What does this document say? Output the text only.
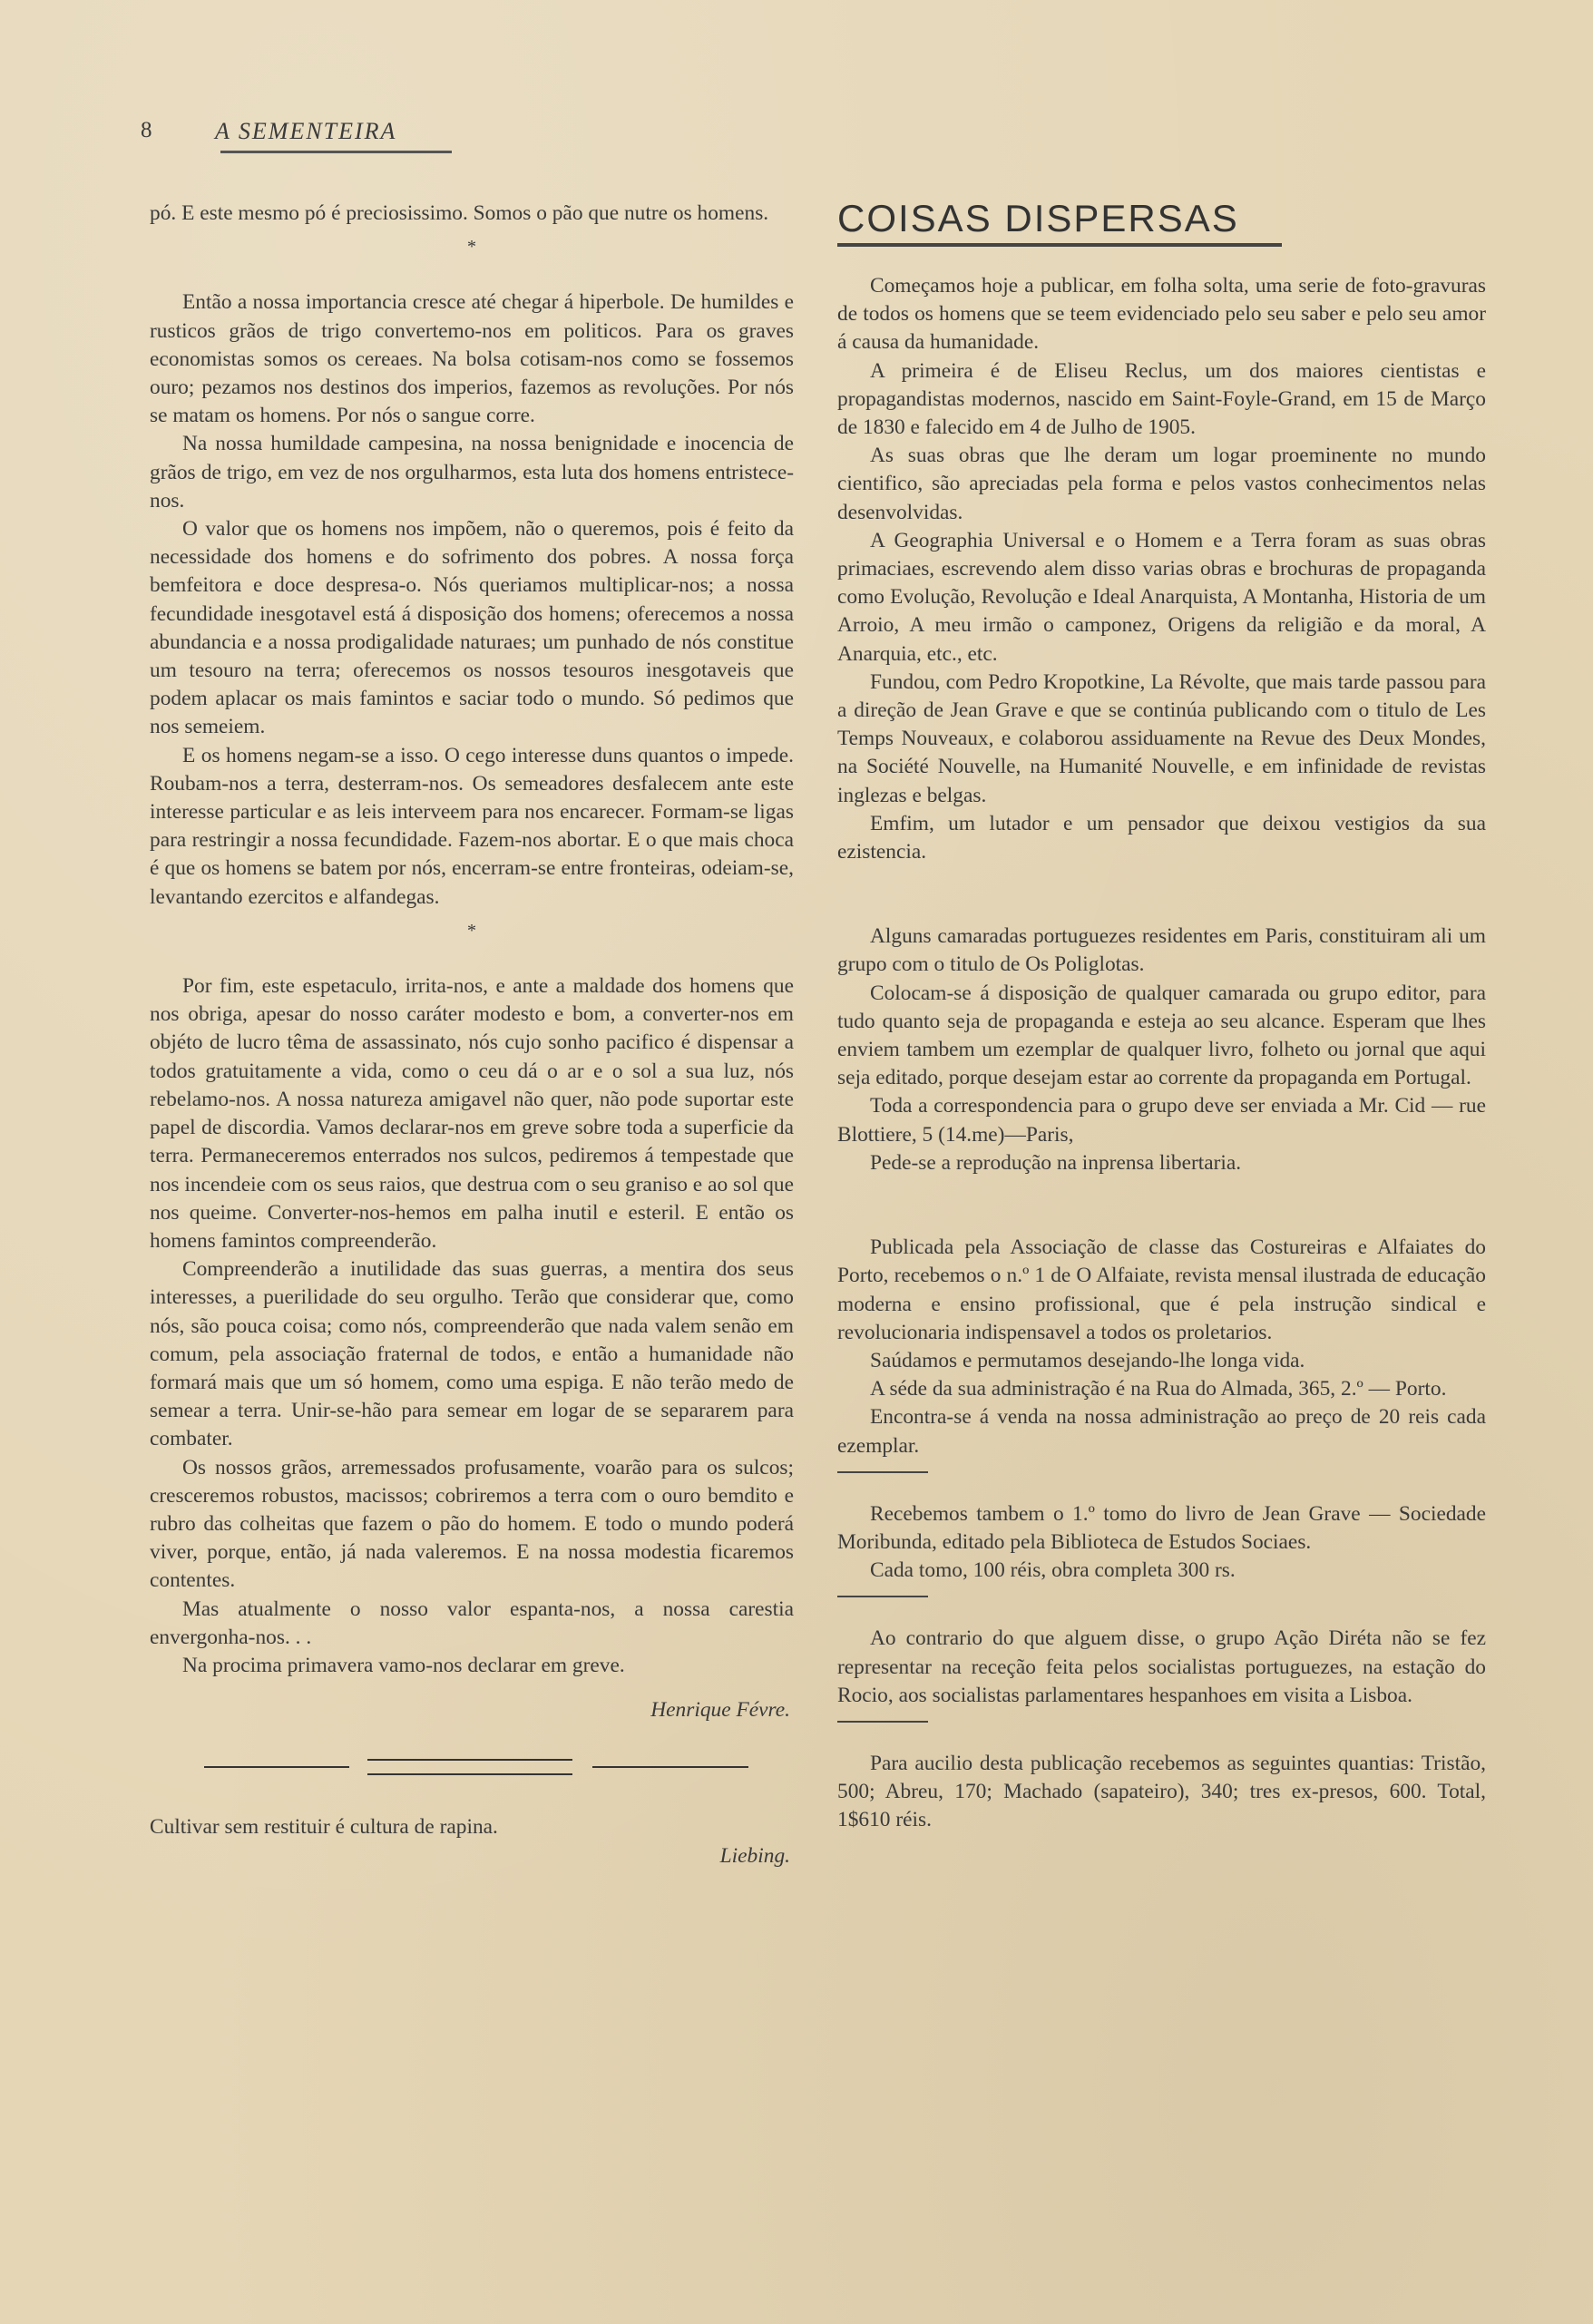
8	A SEMENTEIRA

pó. E este mesmo pó é preciosissimo. Somos o pão que nutre os homens.

*

Então a nossa importancia cresce até chegar á hiperbole. De humildes e rusticos grãos de trigo convertemo-nos em politicos. Para os graves economistas somos os cereaes. Na bolsa cotisam-nos como se fossemos ouro; pezamos nos destinos dos imperios, fazemos as revoluções. Por nós se matam os homens. Por nós o sangue corre.

Na nossa humildade campesina, na nossa benignidade e inocencia de grãos de trigo, em vez de nos orgulharmos, esta luta dos homens entristece-nos.

O valor que os homens nos impõem, não o queremos, pois é feito da necessidade dos homens e do sofrimento dos pobres. A nossa força bemfeitora e doce despresa-o. Nós queriamos multiplicar-nos; a nossa fecundidade inesgotavel está á disposição dos homens; oferecemos a nossa abundancia e a nossa prodigalidade naturaes; um punhado de nós constitue um tesouro na terra; oferecemos os nossos tesouros inesgotaveis que podem aplacar os mais famintos e saciar todo o mundo. Só pedimos que nos semeiem.

E os homens negam-se a isso. O cego interesse duns quantos o impede. Roubam-nos a terra, desterram-nos. Os semeadores desfalecem ante este interesse particular e as leis interveem para nos encarecer. Formam-se ligas para restringir a nossa fecundidade. Fazem-nos abortar. E o que mais choca é que os homens se batem por nós, encerram-se entre fronteiras, odeiam-se, levantando ezercitos e alfandegas.

*

Por fim, este espetaculo, irrita-nos, e ante a maldade dos homens que nos obriga, apesar do nosso caráter modesto e bom, a converter-nos em objéto de lucro têma de assassinato, nós cujo sonho pacifico é dispensar a todos gratuitamente a vida, como o ceu dá o ar e o sol a sua luz, nós rebelamo-nos. A nossa natureza amigavel não quer, não pode suportar este papel de discordia. Vamos declarar-nos em greve sobre toda a superficie da terra. Permaneceremos enterrados nos sulcos, pediremos á tempestade que nos incendeie com os seus raios, que destrua com o seu graniso e ao sol que nos queime. Converter-nos-hemos em palha inutil e esteril. E então os homens famintos compreenderão.

Compreenderão a inutilidade das suas guerras, a mentira dos seus interesses, a puerilidade do seu orgulho. Terão que considerar que, como nós, são pouca coisa; como nós, compreenderão que nada valem senão em comum, pela associação fraternal de todos, e então a humanidade não formará mais que um só homem, como uma espiga. E não terão medo de semear a terra. Unir-se-hão para semear em logar de se separarem para combater.

Os nossos grãos, arremessados profusamente, voarão para os sulcos; cresceremos robustos, macissos; cobriremos a terra com o ouro bemdito e rubro das colheitas que fazem o pão do homem. E todo o mundo poderá viver, porque, então, já nada valeremos. E na nossa modestia ficaremos contentes.

Mas atualmente o nosso valor espanta-nos, a nossa carestia envergonha-nos. . .

Na procima primavera vamo-nos declarar em greve.

Henrique Févre.

Cultivar sem restituir é cultura de rapina.

Liebing.
COISAS DISPERSAS

Começamos hoje a publicar, em folha solta, uma serie de foto-gravuras de todos os homens que se teem evidenciado pelo seu saber e pelo seu amor á causa da humanidade.

A primeira é de Eliseu Reclus, um dos maiores cientistas e propagandistas modernos, nascido em Saint-Foyle-Grand, em 15 de Março de 1830 e falecido em 4 de Julho de 1905.

As suas obras que lhe deram um logar proeminente no mundo cientifico, são apreciadas pela forma e pelos vastos conhecimentos nelas desenvolvidas.

A Geographia Universal e o Homem e a Terra foram as suas obras primaciaes, escrevendo alem disso varias obras e brochuras de propaganda como Evolução, Revolução e Ideal Anarquista, A Montanha, Historia de um Arroio, A meu irmão o camponez, Origens da religião e da moral, A Anarquia, etc., etc.

Fundou, com Pedro Kropotkine, La Révolte, que mais tarde passou para a direção de Jean Grave e que se continúa publicando com o titulo de Les Temps Nouveaux, e colaborou assiduamente na Revue des Deux Mondes, na Société Nouvelle, na Humanité Nouvelle, e em infinidade de revistas inglezas e belgas.

Emfim, um lutador e um pensador que deixou vestigios da sua ezistencia.

Alguns camaradas portuguezes residentes em Paris, constituiram ali um grupo com o titulo de Os Poliglotas.

Colocam-se á disposição de qualquer camarada ou grupo editor, para tudo quanto seja de propaganda e esteja ao seu alcance. Esperam que lhes enviem tambem um ezemplar de qualquer livro, folheto ou jornal que aqui seja editado, porque desejam estar ao corrente da propaganda em Portugal.

Toda a correspondencia para o grupo deve ser enviada a Mr. Cid — rue Blottiere, 5 (14.me)—Paris,

Pede-se a reprodução na inprensa libertaria.

Publicada pela Associação de classe das Costureiras e Alfaiates do Porto, recebemos o n.º 1 de O Alfaiate, revista mensal ilustrada de educação moderna e ensino profissional, que é pela instrução sindical e revolucionaria indispensavel a todos os proletarios.

Saúdamos e permutamos desejando-lhe longa vida.

A séde da sua administração é na Rua do Almada, 365, 2.º — Porto.

Encontra-se á venda na nossa administração ao preço de 20 reis cada ezemplar.

Recebemos tambem o 1.º tomo do livro de Jean Grave — Sociedade Moribunda, editado pela Biblioteca de Estudos Sociaes.

Cada tomo, 100 réis, obra completa 300 rs.

Ao contrario do que alguem disse, o grupo Ação Diréta não se fez representar na receção feita pelos socialistas portuguezes, na estação do Rocio, aos socialistas parlamentares hespanhoes em visita a Lisboa.

Para aucilio desta publicação recebemos as seguintes quantias: Tristão, 500; Abreu, 170; Machado (sapateiro), 340; tres ex-presos, 600. Total, 1$610 réis.
